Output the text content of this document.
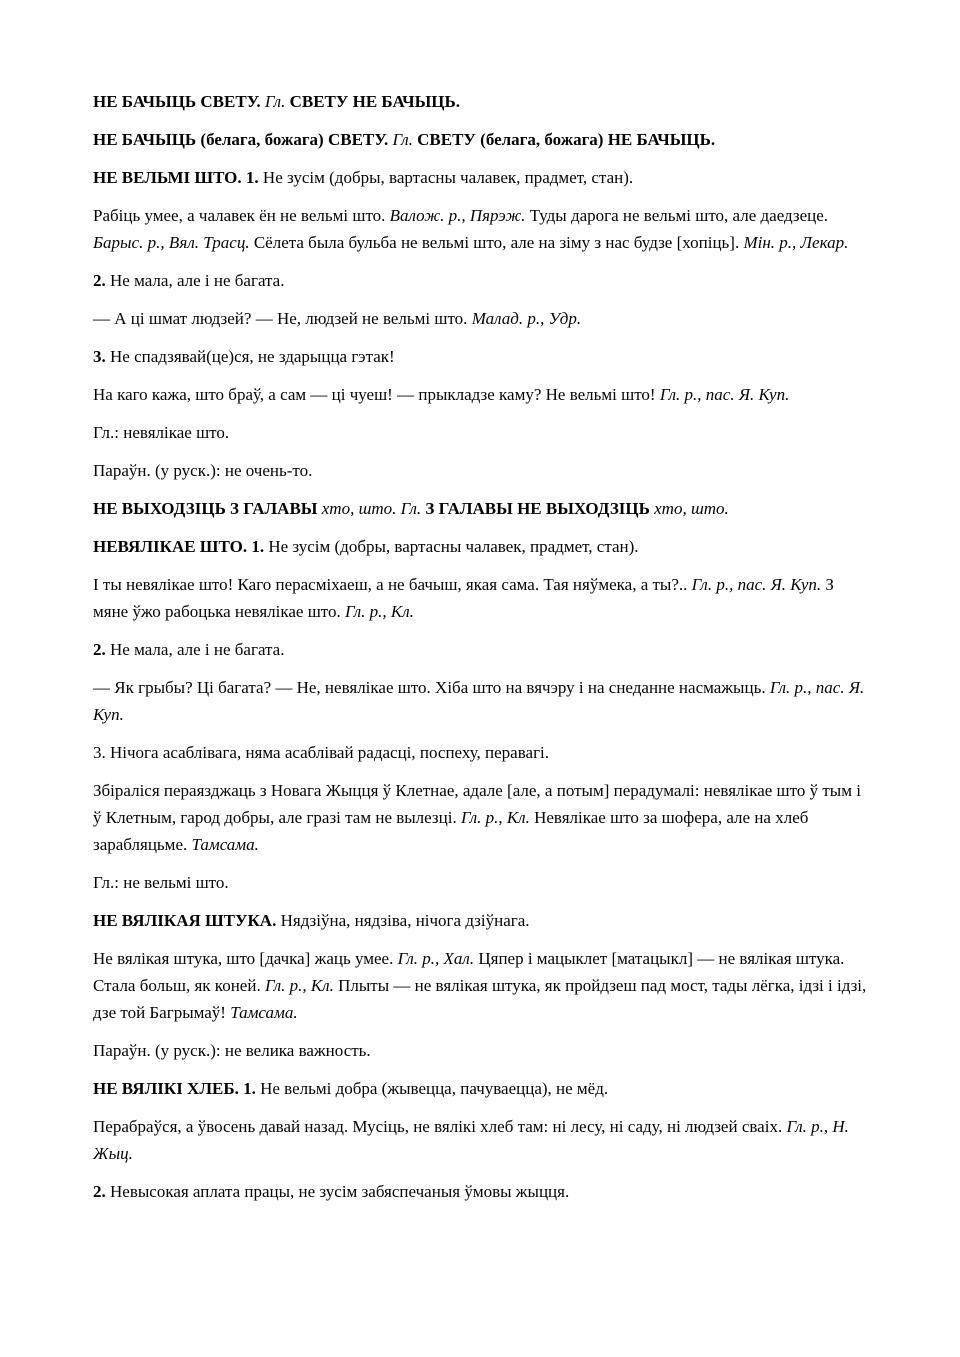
НЕ БАЧЫЦЬ СВЕТУ. Гл. СВЕТУ НЕ БАЧЫЦЬ.

НЕ БАЧЫЦЬ (белага, божага) СВЕТУ. Гл. СВЕТУ (белага, божага) НЕ БАЧЫЦЬ.

НЕ ВЕЛЬМІ ШТО. 1. Не зусім (добры, вартасны чалавек, прадмет, стан).

Рабіць умее, а чалавек ён не вельмі што. Валож. р., Пярэж. Туды дарога не вельмі што, але даедзеце. Барыс. р., Вял. Трасц. Сёлета была бульба не вельмі што, але на зіму з нас будзе [хопіць]. Мін. р., Лекар.

2. Не мала, але і не багата.

— А ці шмат людзей? — Не, людзей не вельмі што. Малад. р., Удр.

3. Не спадзявай(це)ся, не здарыцца гэтак!

На каго кажа, што браў, а сам — ці чуеш! — прыкладзе каму? Не вельмі што! Гл. р., пас. Я. Куп.

Гл.: невялікае што.

Параўн. (у руск.): не очень-то.

НЕ ВЫХОДЗІЦЬ З ГАЛАВЫ хто, што. Гл. З ГАЛАВЫ НЕ ВЫХОДЗІЦЬ хто, што.

НЕВЯЛІКАЕ ШТО. 1. Не зусім (добры, вартасны чалавек, прадмет, стан).

І ты невялікае што! Каго перасміхаеш, а не бачыш, якая сама. Тая няўмека, а ты?.. Гл. р., пас. Я. Куп. З мяне ўжо рабоцька невялікае што. Гл. р., Кл.

2. Не мала, але і не багата.

— Як грыбы? Ці багата? — Не, невялікае што. Хіба што на вячэру і на снеданне насмажыць. Гл. р., пас. Я. Куп.

3. Нічога асаблівага, няма асаблівай радасці, поспеху, перавагі.

Збіраліся пераязджаць з Новага Жыцця ў Клетнае, адале [але, а потым] перадумалі: невялікае што ў тым і ў Клетным, гарод добры, але гразі там не вылезці. Гл. р., Кл. Невялікае што за шофера, але на хлеб зарабляцьме. Тамсама.

Гл.: не вельмі што.

НЕ ВЯЛІКАЯ ШТУКА. Нядзіўна, нядзіва, нічога дзіўнага.

Не вялікая штука, што [дачка] жаць умее. Гл. р., Хал. Цяпер і мацыклет [матацыкл] — не вялікая штука. Стала больш, як коней. Гл. р., Кл. Плыты — не вялікая штука, як пройдзеш пад мост, тады лёгка, ідзі і ідзі, дзе той Багрымаў! Тамсама.

Параўн. (у руск.): не велика важность.

НЕ ВЯЛІКІ ХЛЕБ. 1. Не вельмі добра (жывецца, пачуваецца), не мёд.

Перабраўся, а ўвосень давай назад. Мусіць, не вялікі хлеб там: ні лесу, ні саду, ні людзей сваіх. Гл. р., Н. Жыц.

2. Невысокая аплата працы, не зусім забяспечаныя ўмовы жыцця.
